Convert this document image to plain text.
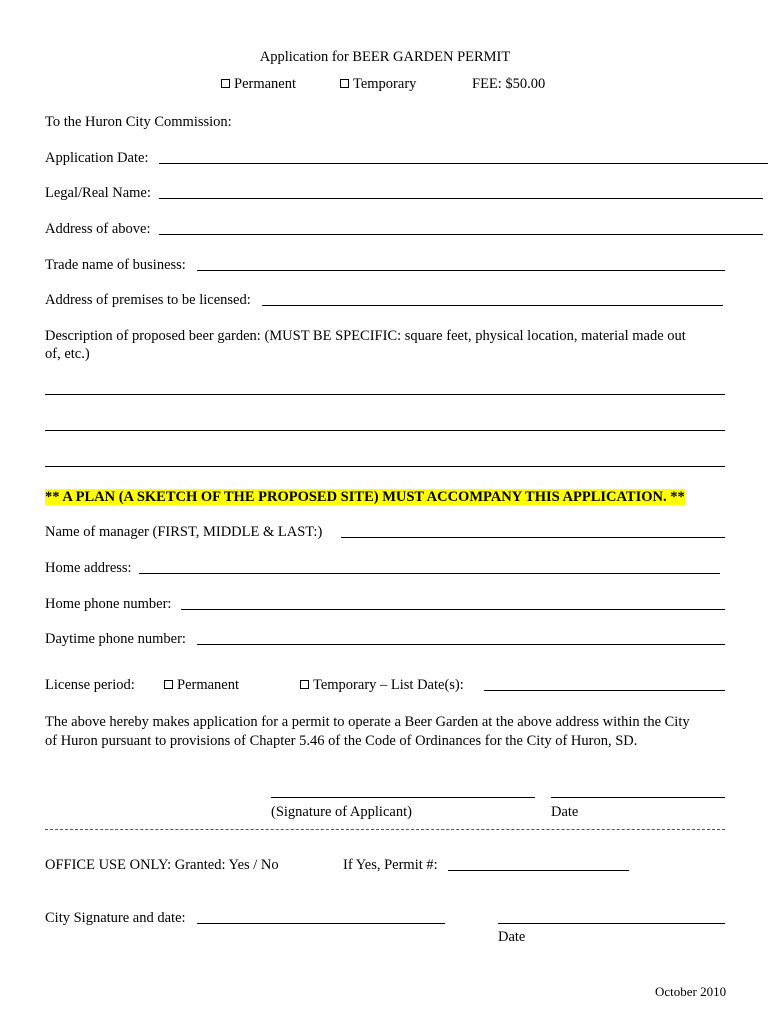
Application for BEER GARDEN PERMIT
Permanent	Temporary	FEE: $50.00
To the Huron City Commission:
Application Date:
Legal/Real Name:
Address of above:
Trade name of business:
Address of premises to be licensed:
Description of proposed beer garden: (MUST BE SPECIFIC: square feet, physical location, material made out
of, etc.)
** A PLAN (A SKETCH OF THE PROPOSED SITE) MUST ACCOMPANY THIS APPLICATION. **
Name of manager (FIRST, MIDDLE & LAST:)
Home address:
Home phone number:
Daytime phone number:
License period:	Permanent	Temporary – List Date(s):
The above hereby makes application for a permit to operate a Beer Garden at the above address within the City
of Huron pursuant to provisions of Chapter 5.46 of the Code of Ordinances for the City of Huron, SD.
(Signature of Applicant)	Date
OFFICE USE ONLY: Granted: Yes / No	If Yes, Permit #:
City Signature and date:
Date
October 2010
